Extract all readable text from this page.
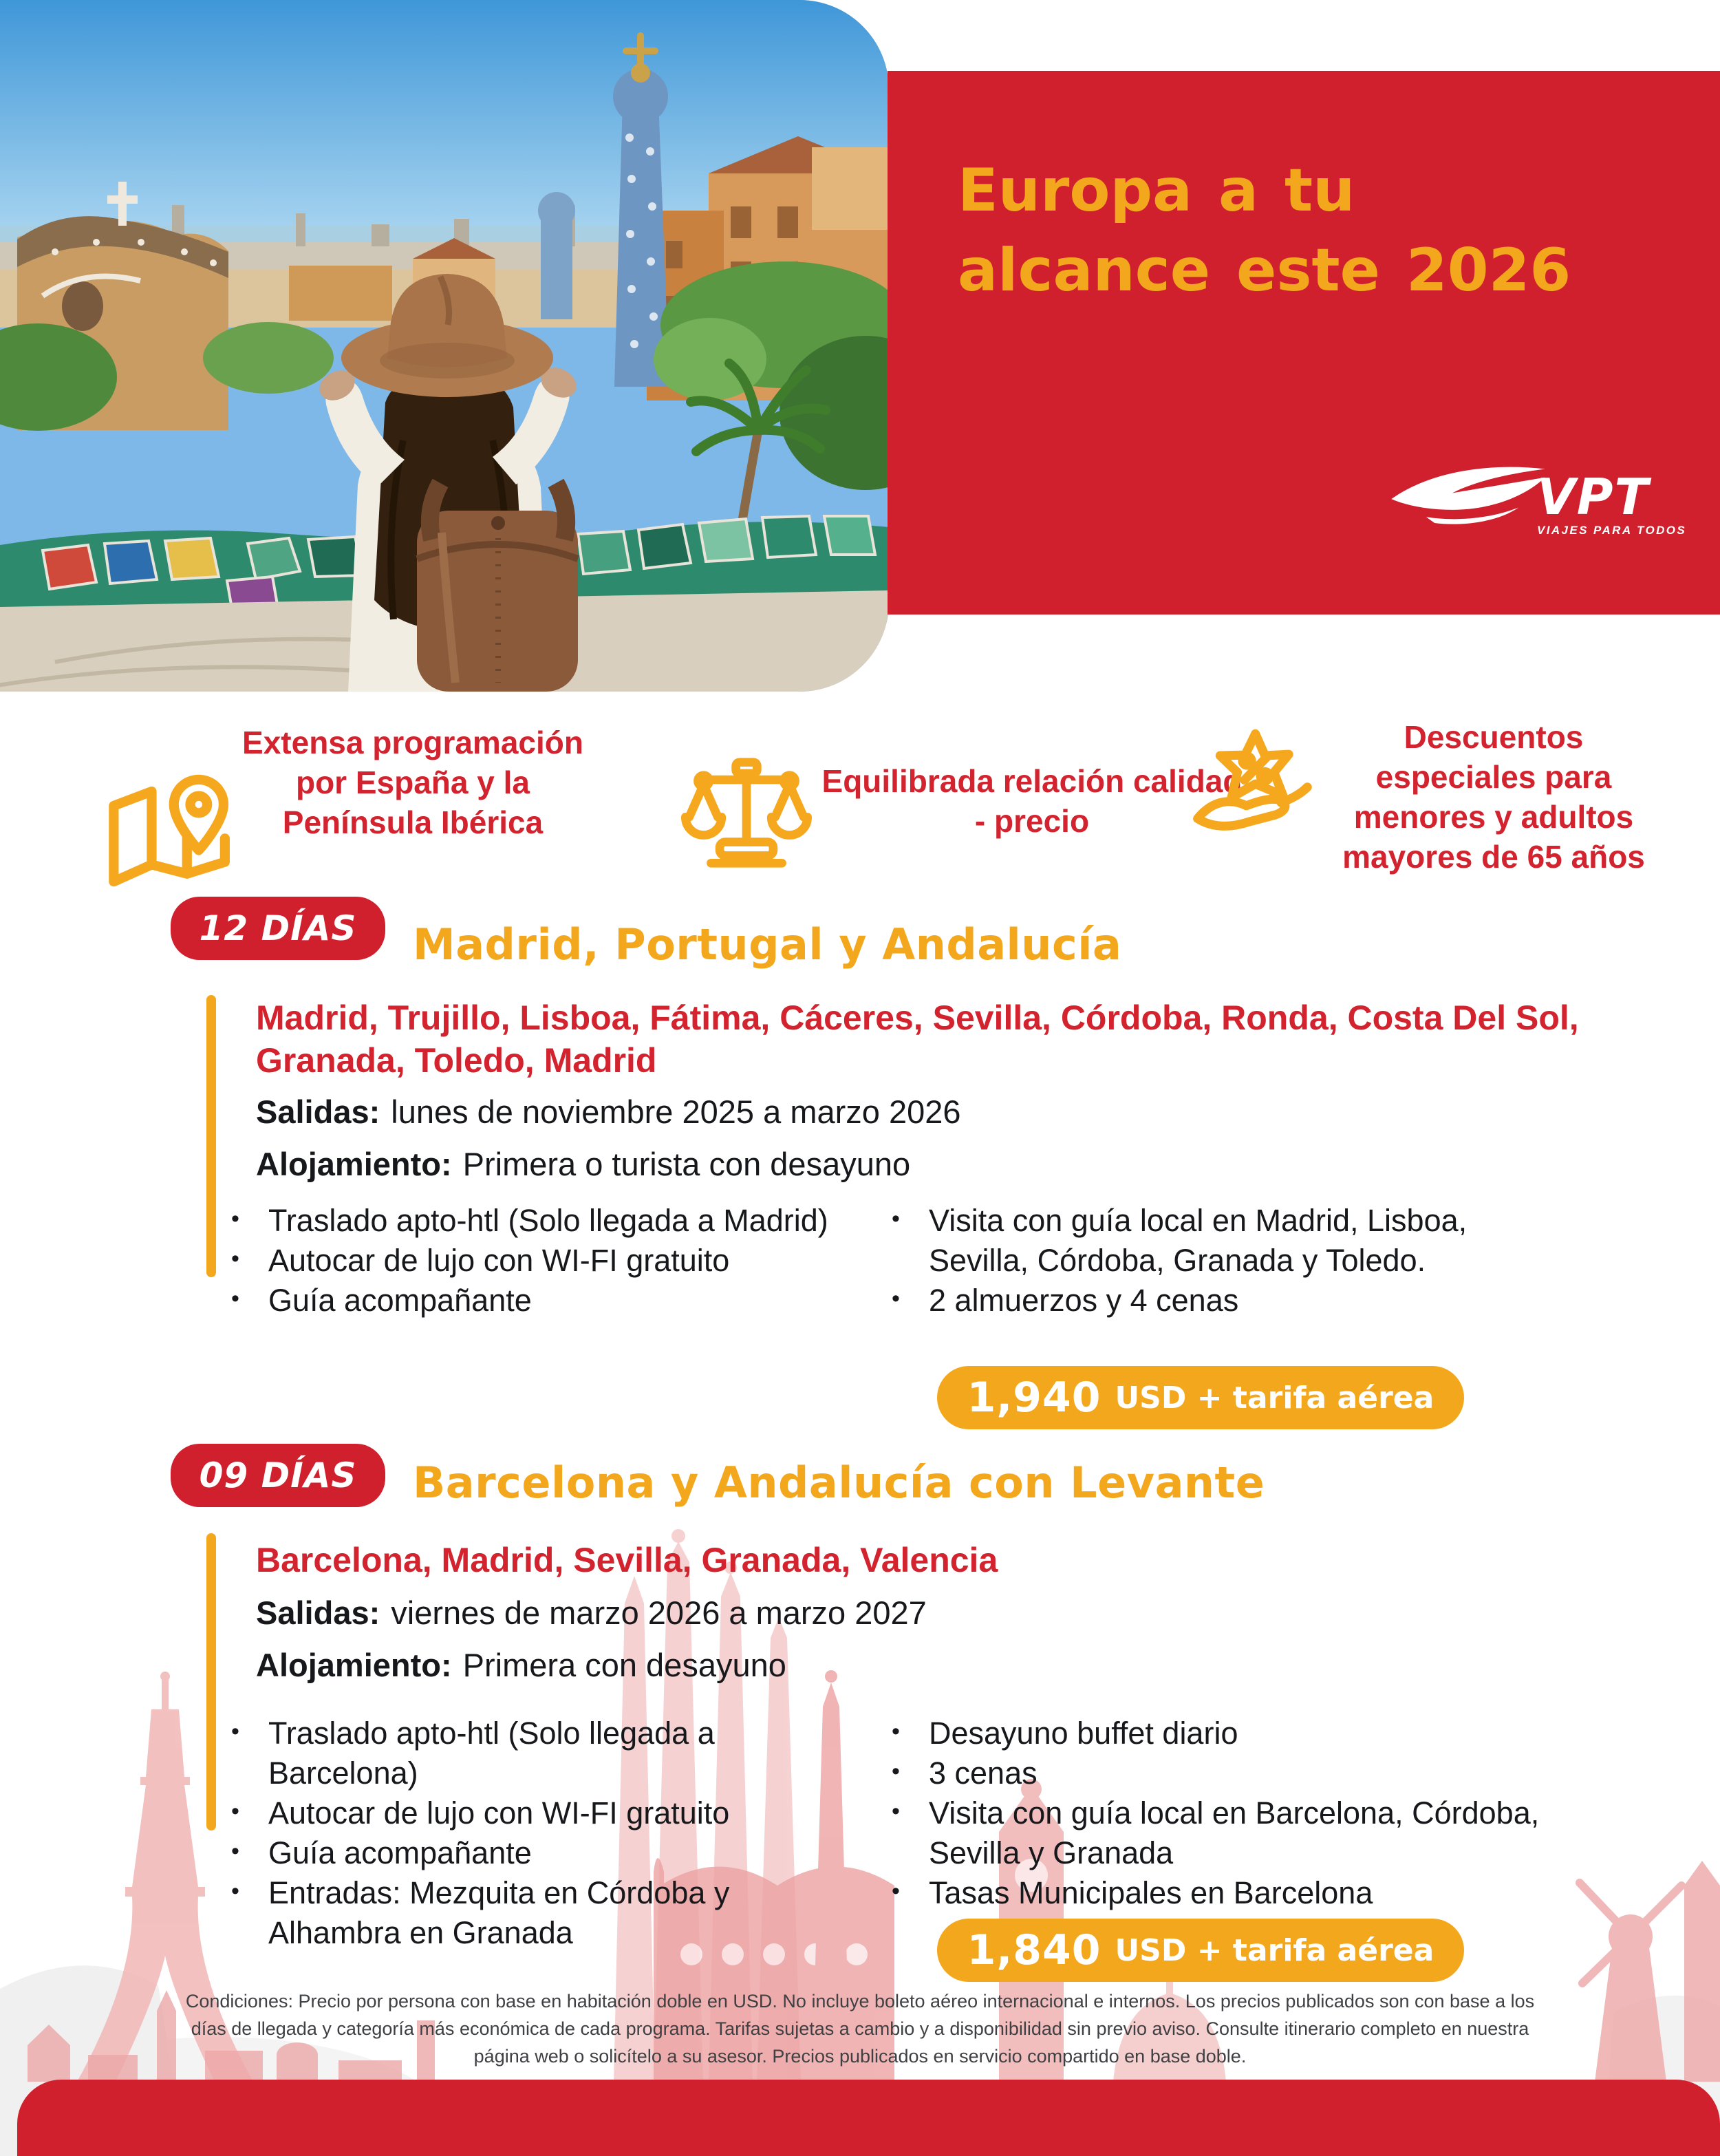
Europa a tu
alcance este 2026
VPT
VIAJES PARA TODOS
Extensa programación por España y la Península Ibérica
Equilibrada relación calidad - precio
Descuentos especiales para menores y adultos mayores de 65 años
12 DÍAS	Madrid, Portugal y Andalucía
Madrid, Trujillo, Lisboa, Fátima, Cáceres, Sevilla, Córdoba, Ronda, Costa Del Sol, Granada, Toledo, Madrid
Salidas: lunes de noviembre 2025 a marzo 2026
Alojamiento: Primera o turista con desayuno
• Traslado apto-htl (Solo llegada a Madrid)
• Autocar de lujo con WI-FI gratuito
• Guía acompañante
• Visita con guía local en Madrid, Lisboa, Sevilla, Córdoba, Granada y Toledo.
• 2 almuerzos y 4 cenas
1,940 USD + tarifa aérea
09 DÍAS	Barcelona y Andalucía con Levante
Barcelona, Madrid, Sevilla, Granada, Valencia
Salidas: viernes de marzo 2026 a marzo 2027
Alojamiento: Primera con desayuno
• Traslado apto-htl (Solo llegada a Barcelona)
• Autocar de lujo con WI-FI gratuito
• Guía acompañante
• Entradas: Mezquita en Córdoba y Alhambra en Granada
• Desayuno buffet diario
• 3 cenas
• Visita con guía local en Barcelona, Córdoba, Sevilla y Granada
• Tasas Municipales en Barcelona
1,840 USD + tarifa aérea
Condiciones: Precio por persona con base en habitación doble en USD. No incluye boleto aéreo internacional e internos. Los precios publicados son con base a los días de llegada y categoría más económica de cada programa. Tarifas sujetas a cambio y a disponibilidad sin previo aviso. Consulte itinerario completo en nuestra página web o solicítelo a su asesor. Precios publicados en servicio compartido en base doble.
